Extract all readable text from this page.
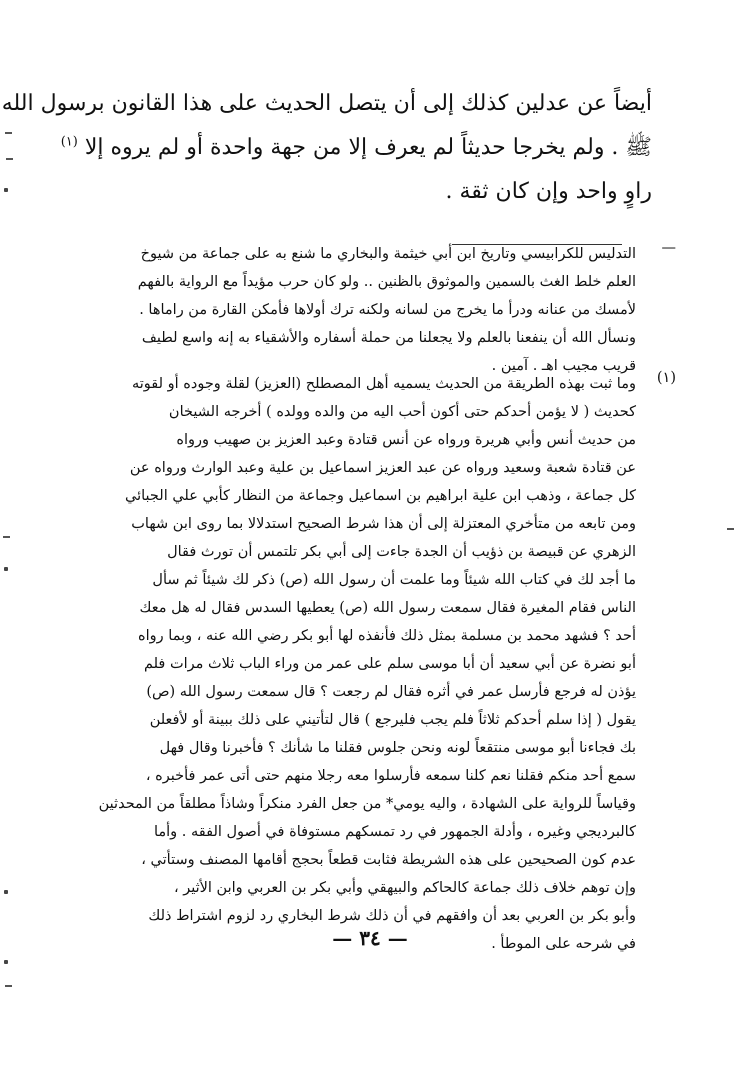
أيضاً عن عدلين كذلك إلى أن يتصل الحديث على هذا القانون برسول الله
ﷺ . ولم يخرجا حديثاً لم يعرف إلا من جهة واحدة أو لم يروه إلا $^{(١)}$
راوٍ واحد وإن كان ثقة .
—
التدليس للكرابيسي وتاريخ ابن أبي خيثمة والبخاري ما شنع به على جماعة من شيوخ
العلم خلط الغث بالسمين والموثوق بالظنين .. ولو كان حرب مؤيداً مع الرواية بالفهم
لأمسك من عنانه ودرأ ما يخرج من لسانه ولكنه ترك أولاها فأمكن القارة من راماها .
ونسأل الله أن ينفعنا بالعلم ولا يجعلنا من حملة أسفاره والأشقياء به إنه واسع لطيف
قريب مجيب اهـ . آمين .
(١)
وما ثبت بهذه الطريقة من الحديث يسميه أهل المصطلح (العزيز) لقلة وجوده أو لقوته
كحديث ( لا يؤمن أحدكم حتى أكون أحب اليه من والده وولده ) أخرجه الشيخان
من حديث أنس وأبي هريرة ورواه عن أنس قتادة وعبد العزيز بن صهيب ورواه
عن قتادة شعبة وسعيد ورواه عن عبد العزيز اسماعيل بن علية وعبد الوارث ورواه عن
كل جماعة ، وذهب ابن علية ابراهيم بن اسماعيل وجماعة من النظار كأبي علي الجبائي
ومن تابعه من متأخري المعتزلة إلى أن هذا شرط الصحيح استدلالا بما روى ابن شهاب
الزهري عن قبيصة بن ذؤيب أن الجدة جاءت إلى أبي بكر تلتمس أن تورث فقال
ما أجد لك في كتاب الله شيئاً وما علمت أن رسول الله (ص) ذكر لك شيئاً ثم سأل
الناس فقام المغيرة فقال سمعت رسول الله (ص) يعطيها السدس فقال له هل معك
أحد ؟ فشهد محمد بن مسلمة بمثل ذلك فأنفذه لها أبو بكر رضي الله عنه ، وبما رواه
أبو نضرة عن أبي سعيد أن أبا موسى سلم على عمر من وراء الباب ثلاث مرات فلم
يؤذن له فرجع فأرسل عمر في أثره فقال لم رجعت ؟ قال سمعت رسول الله (ص)
يقول ( إذا سلم أحدكم ثلاثاً فلم يجب فليرجع ) قال لتأتيني على ذلك ببينة أو لأفعلن
بك فجاءنا أبو موسى منتقعاً لونه ونحن جلوس فقلنا ما شأنك ؟ فأخبرنا وقال فهل
سمع أحد منكم فقلنا نعم كلنا سمعه فأرسلوا معه رجلا منهم حتى أتى عمر فأخبره ،
وقياساً للرواية على الشهادة ، واليه يومي* من جعل الفرد منكراً وشاذاً مطلقاً من المحدثين
كالبرديجي وغيره ، وأدلة الجمهور في رد تمسكهم مستوفاة في أصول الفقه . وأما
عدم كون الصحيحين على هذه الشريطة فثابت قطعاً بحجج أقامها المصنف وستأتي ،
وإن توهم خلاف ذلك جماعة كالحاكم والبيهقي وأبي بكر بن العربي وابن الأثير ،
وأبو بكر بن العربي بعد أن وافقهم في أن ذلك شرط البخاري رد لزوم اشتراط ذلك
في شرحه على الموطأ .
— ٣٤ —
